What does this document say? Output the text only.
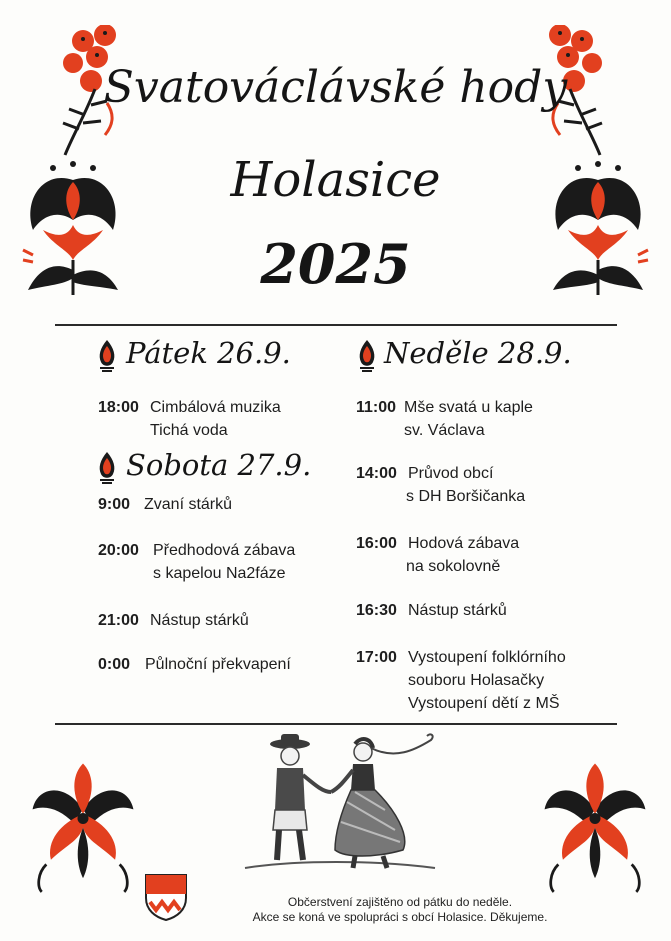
Svatováclávské hody
Holasice
2025
Pátek 26.9.
18:00 Cimbálová muzika
Tichá voda
Sobota 27.9.
9:00 Zvaní stárků
20:00 Předhodová zábava
s kapelou Na2fáze
21:00 Nástup stárků
0:00 Půlnoční překvapení
Neděle 28.9.
11:00 Mše svatá u kaple
sv. Václava
14:00 Průvod obcí
s DH Boršičanka
16:00 Hodová zábava
na sokolovně
16:30 Nástup stárků
17:00 Vystoupení folklórního
souboru Holasačky
Vystoupení dětí z MŠ
Občerstvení zajištěno od pátku do neděle.
Akce se koná ve spolupráci s obcí Holasice. Děkujeme.
